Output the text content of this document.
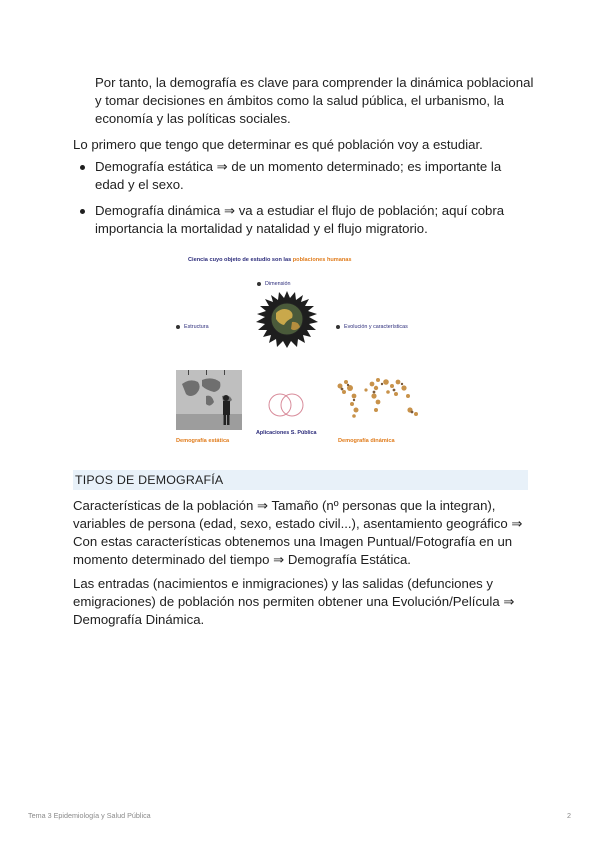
Por tanto, la demografía es clave para comprender la dinámica poblacional y tomar decisiones en ámbitos como la salud pública, el urbanismo, la economía y las políticas sociales.

Lo primero que tengo que determinar es qué población voy a estudiar.

Demografía estática ⇒ de un momento determinado; es importante la edad y el sexo.
Demografía dinámica ⇒ va a estudiar el flujo de población; aquí cobra importancia la mortalidad y natalidad y el flujo migratorio.
Ciencia cuyo objeto de estudio son las poblaciones humanas
Dimensión
Estructura	Evolución y características
Demografía estática
Aplicaciones S. Pública
Demografía dinámica
TIPOS DE DEMOGRAFÍA

Características de la población ⇒ Tamaño (nº personas que la integran), variables de persona (edad, sexo, estado civil...), asentamiento geográfico ⇒ Con estas características obtenemos una Imagen Puntual/Fotografía en un momento determinado del tiempo ⇒ Demografía Estática.

Las entradas (nacimientos e inmigraciones) y las salidas (defunciones y emigraciones) de población nos permiten obtener una Evolución/Película ⇒ Demografía Dinámica.

Tema 3 Epidemiología y Salud Pública	2
